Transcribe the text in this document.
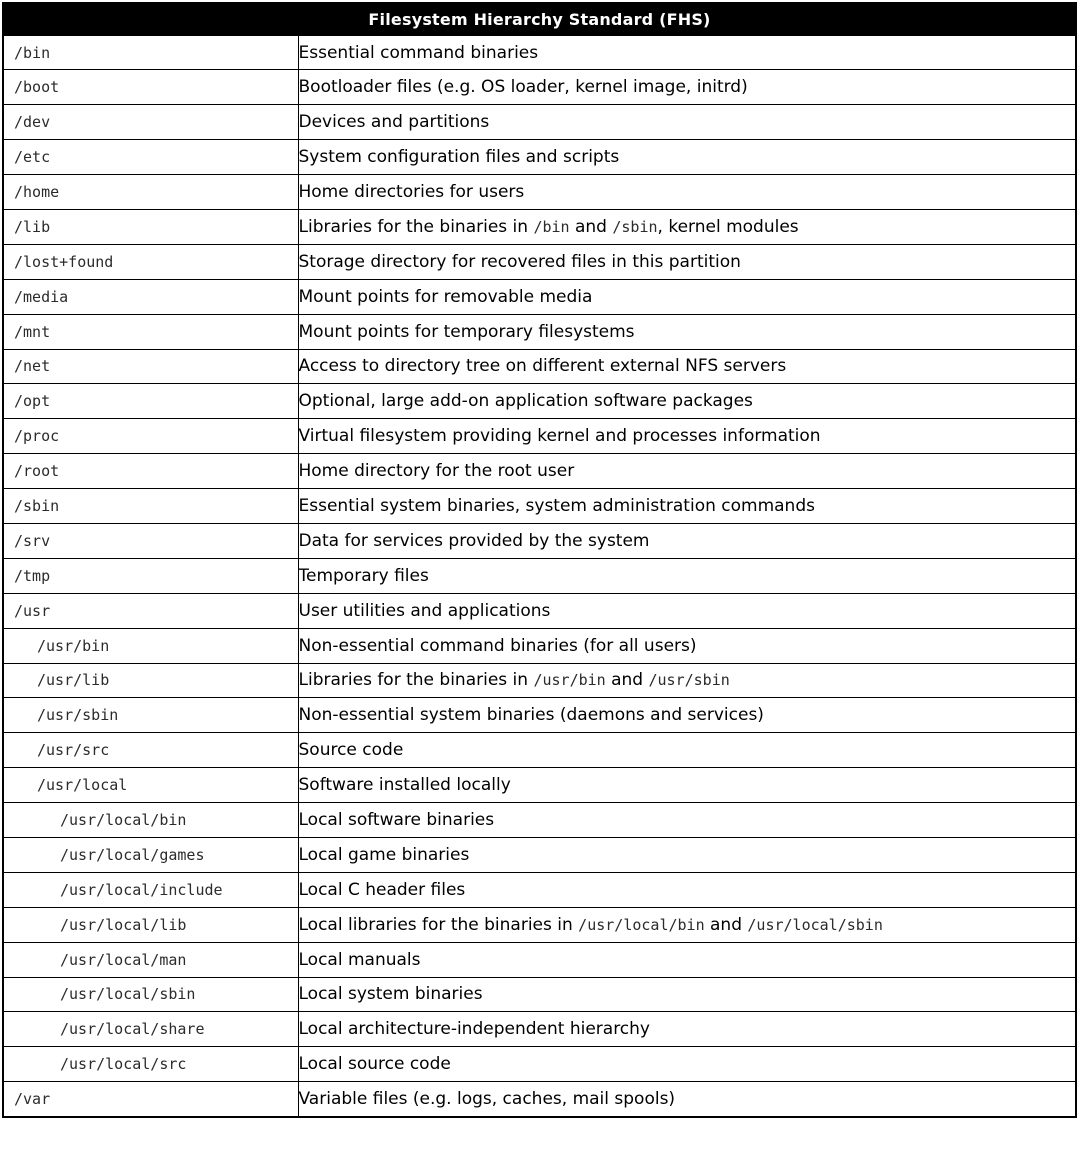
Filesystem Hierarchy Standard (FHS)	
/bin	Essential command binaries
/boot	Bootloader files (e.g. OS loader, kernel image, initrd)
/dev	Devices and partitions
/etc	System configuration files and scripts
/home	Home directories for users
/lib	Libraries for the binaries in /bin and /sbin, kernel modules
/lost+found	Storage directory for recovered files in this partition
/media	Mount points for removable media
/mnt	Mount points for temporary filesystems
/net	Access to directory tree on different external NFS servers
/opt	Optional, large add-on application software packages
/proc	Virtual filesystem providing kernel and processes information
/root	Home directory for the root user
/sbin	Essential system binaries, system administration commands
/srv	Data for services provided by the system
/tmp	Temporary files
/usr	User utilities and applications
/usr/bin	Non-essential command binaries (for all users)
/usr/lib	Libraries for the binaries in /usr/bin and /usr/sbin
/usr/sbin	Non-essential system binaries (daemons and services)
/usr/src	Source code
/usr/local	Software installed locally
/usr/local/bin	Local software binaries
/usr/local/games	Local game binaries
/usr/local/include	Local C header files
/usr/local/lib	Local libraries for the binaries in /usr/local/bin and /usr/local/sbin
/usr/local/man	Local manuals
/usr/local/sbin	Local system binaries
/usr/local/share	Local architecture-independent hierarchy
/usr/local/src	Local source code
/var	Variable files (e.g. logs, caches, mail spools)
